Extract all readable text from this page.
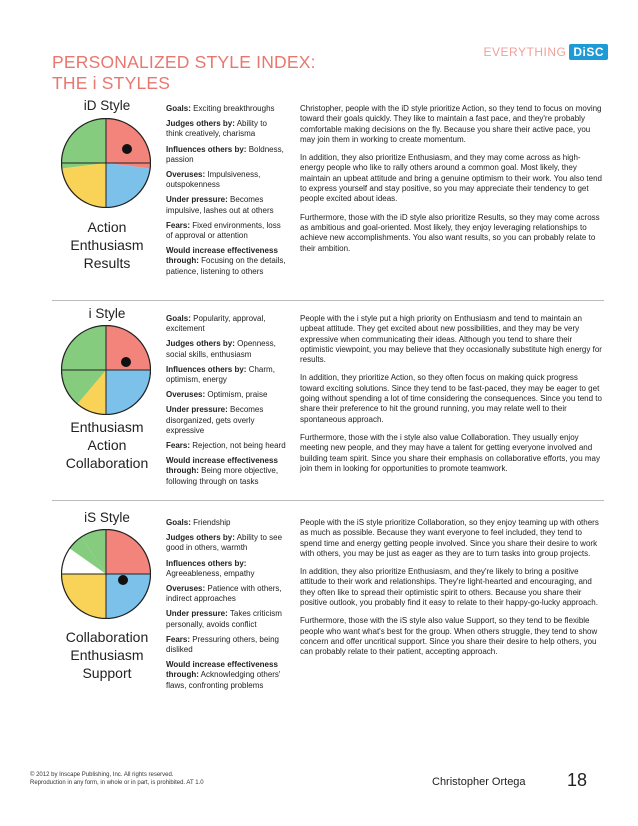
PERSONALIZED STYLE INDEX:
THE i STYLES
EVERYTHING DiSC
iD Style
Action
Enthusiasm
Results

Goals: Exciting breakthroughs

Judges others by: Ability to think creatively, charisma

Influences others by: Boldness, passion

Overuses: Impulsiveness, outspokenness

Under pressure: Becomes impulsive, lashes out at others

Fears: Fixed environments, loss of approval or attention

Would increase effectiveness through: Focusing on the details, patience, listening to others

Christopher, people with the iD style prioritize Action, so they tend to focus on moving toward their goals quickly. They like to maintain a fast pace, and they're probably comfortable making decisions on the fly. Because you share their active pace, you may join them in working to create momentum.

In addition, they also prioritize Enthusiasm, and they may come across as high-energy people who like to rally others around a common goal. Most likely, they maintain an upbeat attitude and bring a genuine optimism to their work. You also tend to express yourself and stay positive, so you may appreciate their tendency to get people excited about ideas.

Furthermore, those with the iD style also prioritize Results, so they may come across as ambitious and goal-oriented. Most likely, they enjoy leveraging relationships to achieve new accomplishments. You also want results, so you can probably relate to their ambition.

i Style
Enthusiasm
Action
Collaboration

Goals: Popularity, approval, excitement

Judges others by: Openness, social skills, enthusiasm

Influences others by: Charm, optimism, energy

Overuses: Optimism, praise

Under pressure: Becomes disorganized, gets overly expressive

Fears: Rejection, not being heard

Would increase effectiveness through: Being more objective, following through on tasks

People with the i style put a high priority on Enthusiasm and tend to maintain an upbeat attitude. They get excited about new possibilities, and they may be very expressive when communicating their ideas. Although you tend to share their optimistic viewpoint, you may believe that they occasionally substitute high energy for results.

In addition, they prioritize Action, so they often focus on making quick progress toward exciting solutions. Since they tend to be fast-paced, they may be eager to get going without spending a lot of time considering the consequences. Since you tend to share their preference to hit the ground running, you may relate well to their spontaneous approach.

Furthermore, those with the i style also value Collaboration. They usually enjoy meeting new people, and they may have a talent for getting everyone involved and building team spirit. Since you share their emphasis on collaborative efforts, you may join them in looking for opportunities to promote teamwork.

iS Style
Collaboration
Enthusiasm
Support

Goals: Friendship

Judges others by: Ability to see good in others, warmth

Influences others by: Agreeableness, empathy

Overuses: Patience with others, indirect approaches

Under pressure: Takes criticism personally, avoids conflict

Fears: Pressuring others, being disliked

Would increase effectiveness through: Acknowledging others' flaws, confronting problems

People with the iS style prioritize Collaboration, so they enjoy teaming up with others as much as possible. Because they want everyone to feel included, they tend to spend time and energy getting people involved. Since you share their desire to work with others, you may be just as eager as they are to turn tasks into group projects.

In addition, they also prioritize Enthusiasm, and they're likely to bring a positive attitude to their work and relationships. They're light-hearted and encouraging, and they often like to spread their optimistic spirit to others. Because you share their positive outlook, you probably find it easy to relate to their happy-go-lucky approach.

Furthermore, those with the iS style also value Support, so they tend to be flexible people who want what's best for the group. When others struggle, they tend to show concern and offer uncritical support. Since you share their desire to help others, you can probably relate to their patient, accepting approach.

© 2012 by Inscape Publishing, Inc. All rights reserved.
Reproduction in any form, in whole or in part, is prohibited. AT 1.0	Christopher Ortega 18
